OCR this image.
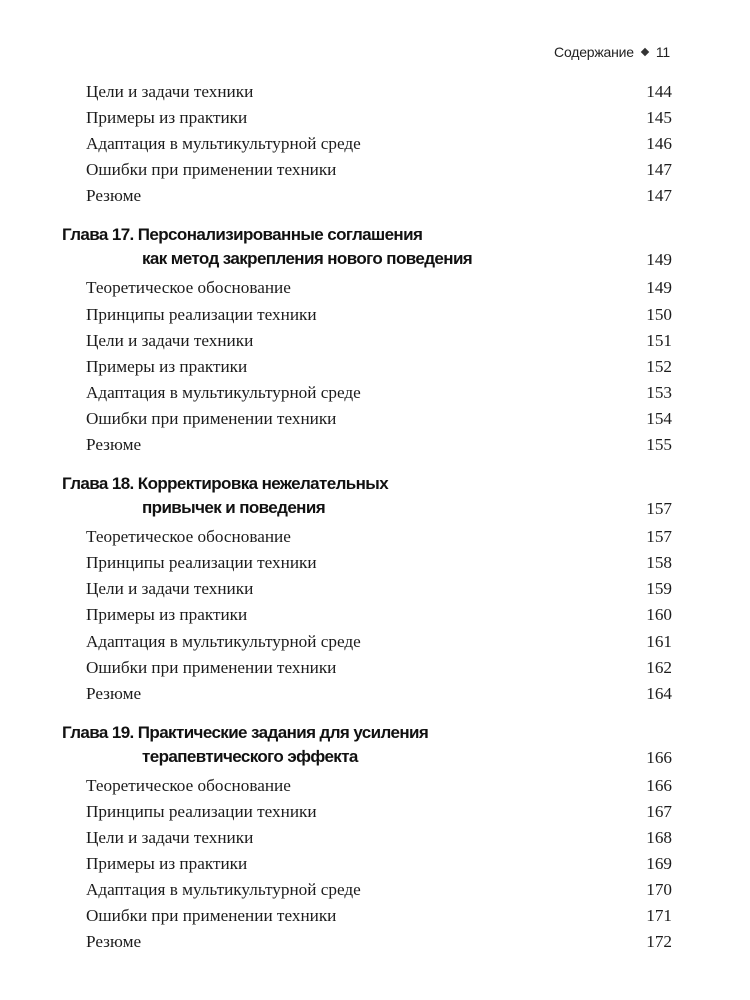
Содержание 11
Цели и задачи техники	144
Примеры из практики	145
Адаптация в мультикультурной среде	146
Ошибки при применении техники	147
Резюме	147
Глава 17. Персонализированные соглашения
как метод закрепления нового поведения	149
Теоретическое обоснование	149
Принципы реализации техники	150
Цели и задачи техники	151
Примеры из практики	152
Адаптация в мультикультурной среде	153
Ошибки при применении техники	154
Резюме	155
Глава 18. Корректировка нежелательных
привычек и поведения	157
Теоретическое обоснование	157
Принципы реализации техники	158
Цели и задачи техники	159
Примеры из практики	160
Адаптация в мультикультурной среде	161
Ошибки при применении техники	162
Резюме	164
Глава 19. Практические задания для усиления
терапевтического эффекта	166
Теоретическое обоснование	166
Принципы реализации техники	167
Цели и задачи техники	168
Примеры из практики	169
Адаптация в мультикультурной среде	170
Ошибки при применении техники	171
Резюме	172
